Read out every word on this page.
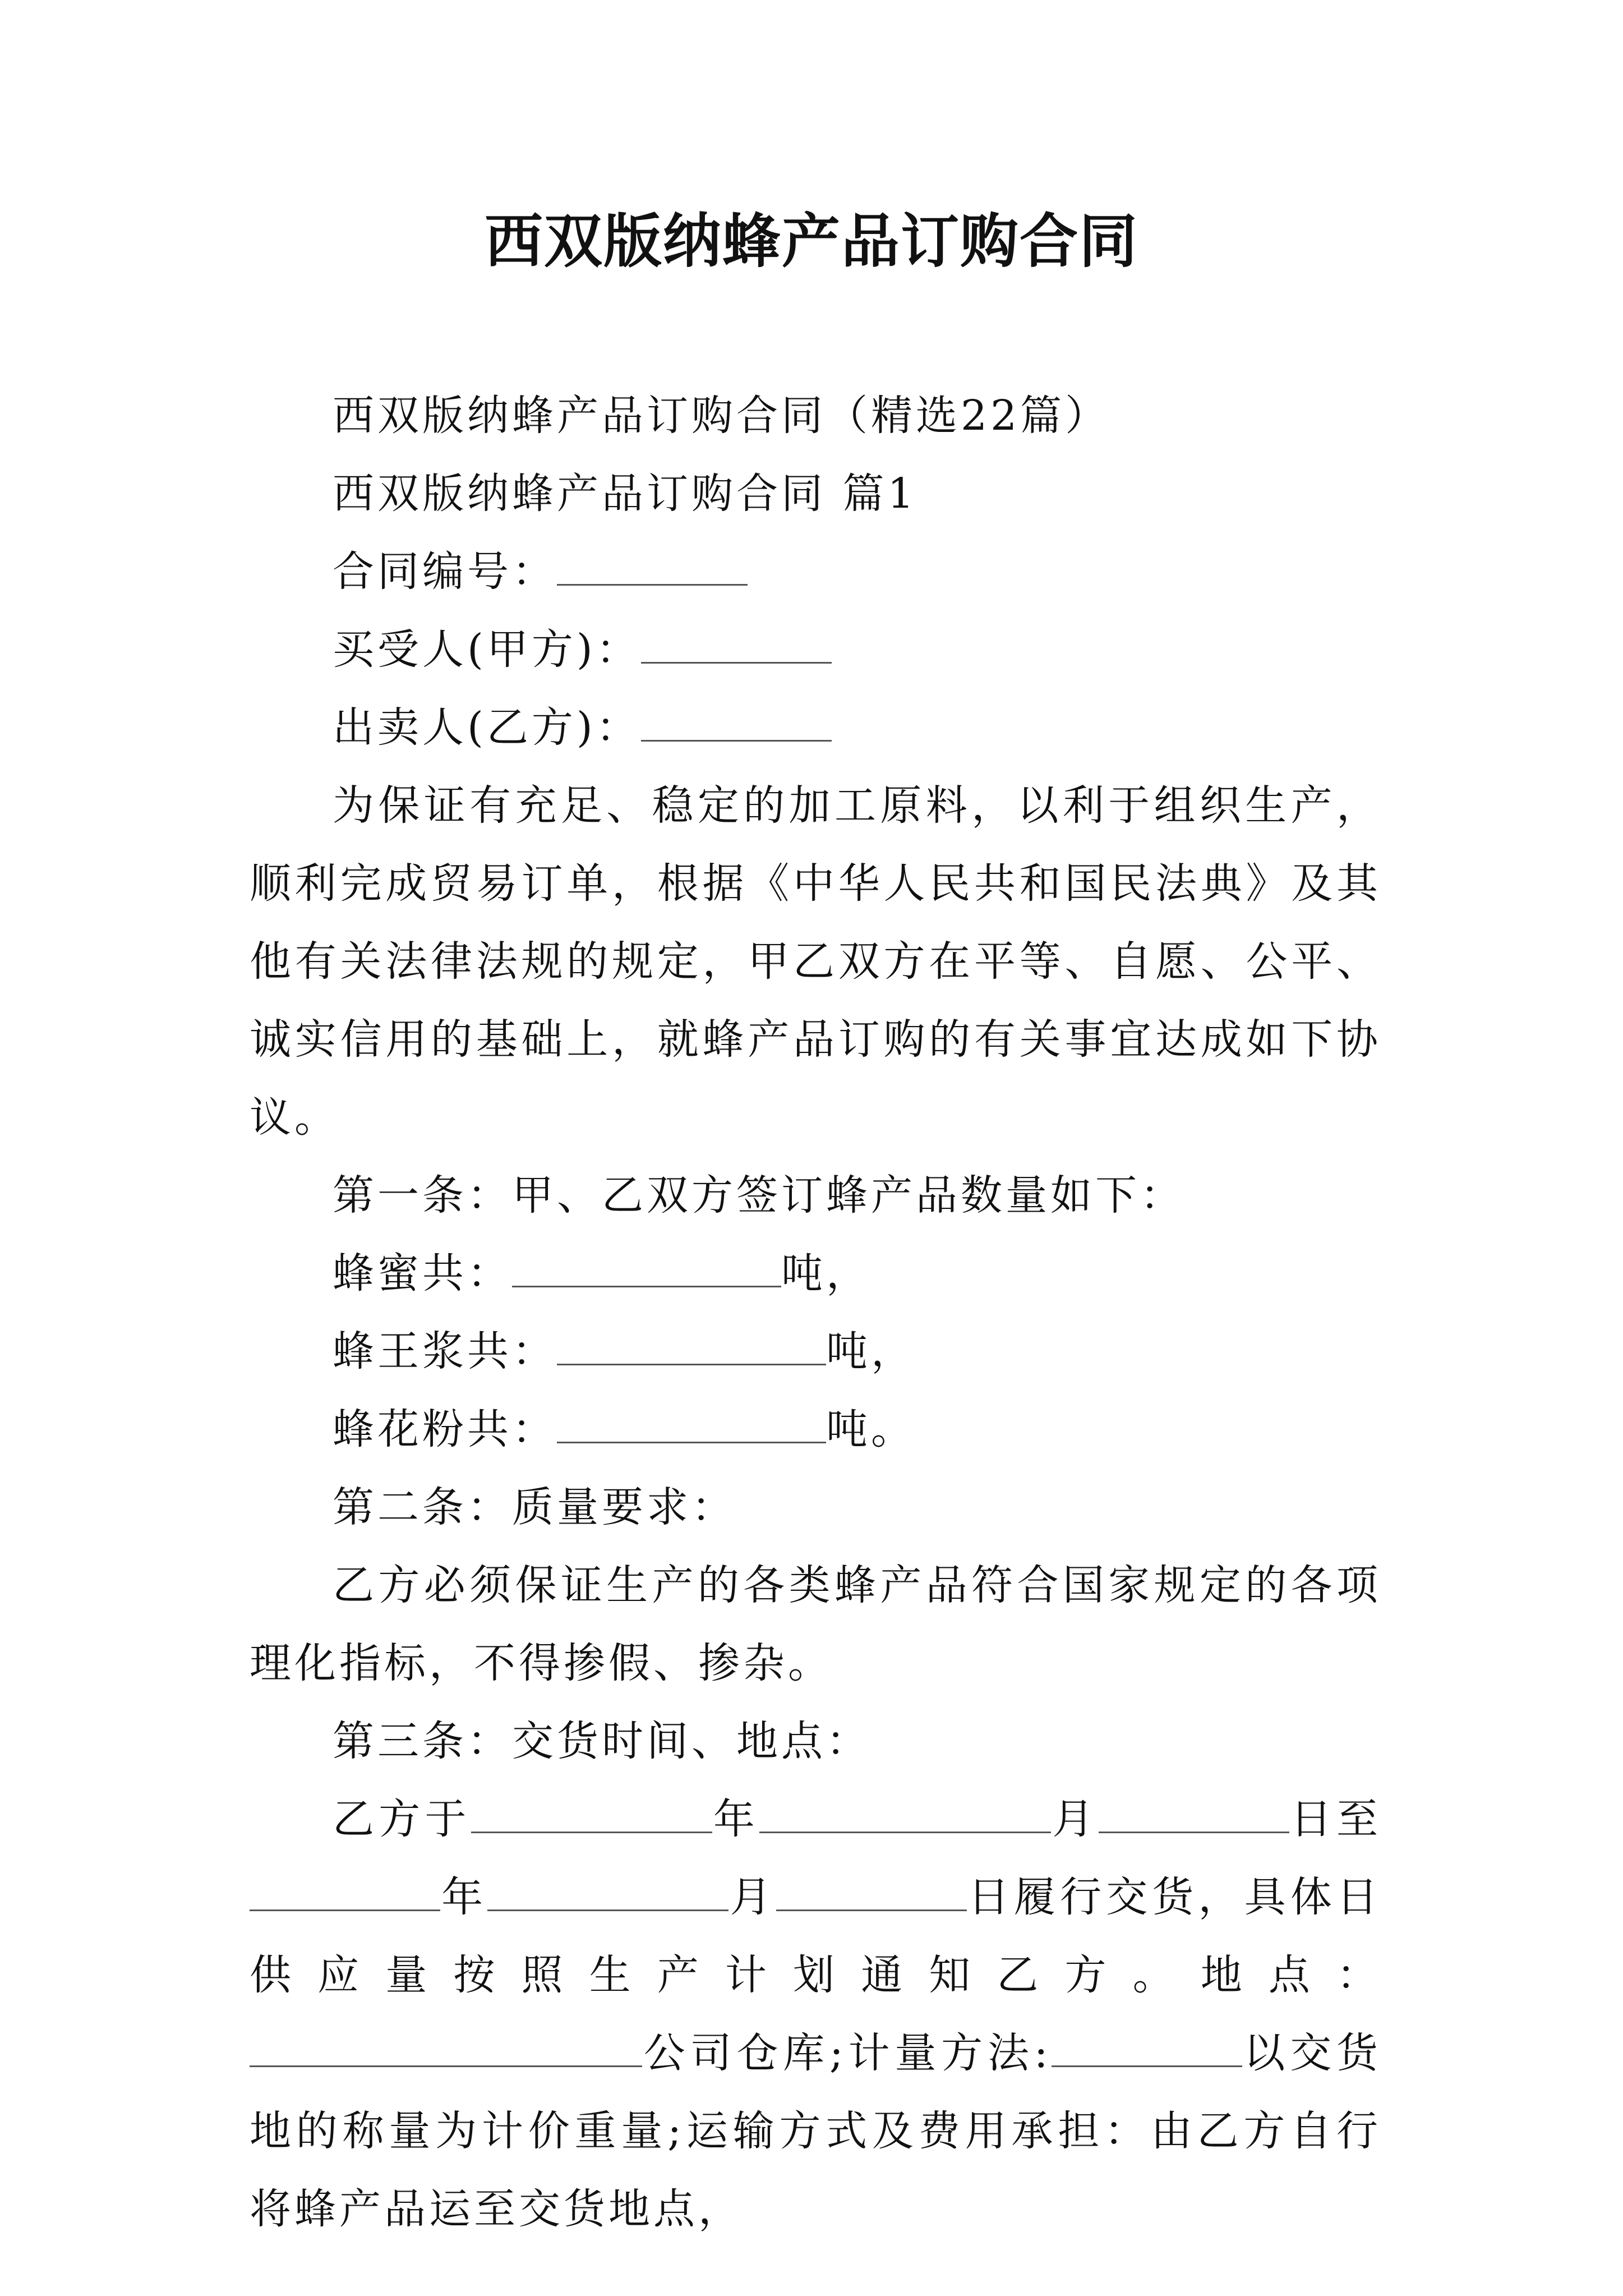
西双版纳蜂产品订购合同

西双版纳蜂产品订购合同（精选22篇）

西双版纳蜂产品订购合同 篇1

合同编号：

买受人(甲方)：

出卖人(乙方)：

为保证有充足、稳定的加工原料，以利于组织生产，顺利完成贸易订单，根据《中华人民共和国民法典》及其他有关法律法规的规定，甲乙双方在平等、自愿、公平、诚实信用的基础上，就蜂产品订购的有关事宜达成如下协议。

第一条：甲、乙双方签订蜂产品数量如下：

蜂蜜共：	吨，

蜂王浆共：	吨，

蜂花粉共：	吨。

第二条：质量要求：

乙方必须保证生产的各类蜂产品符合国家规定的各项理化指标，不得掺假、掺杂。

第三条：交货时间、地点：

乙方于	年	月	日至年	月	日履行交货，具体日供应量按照生产计划通知乙方。地点：公司仓库;计量方法:	以交货地的称量为计价重量;运输方式及费用承担：由乙方自行将蜂产品运至交货地点，
